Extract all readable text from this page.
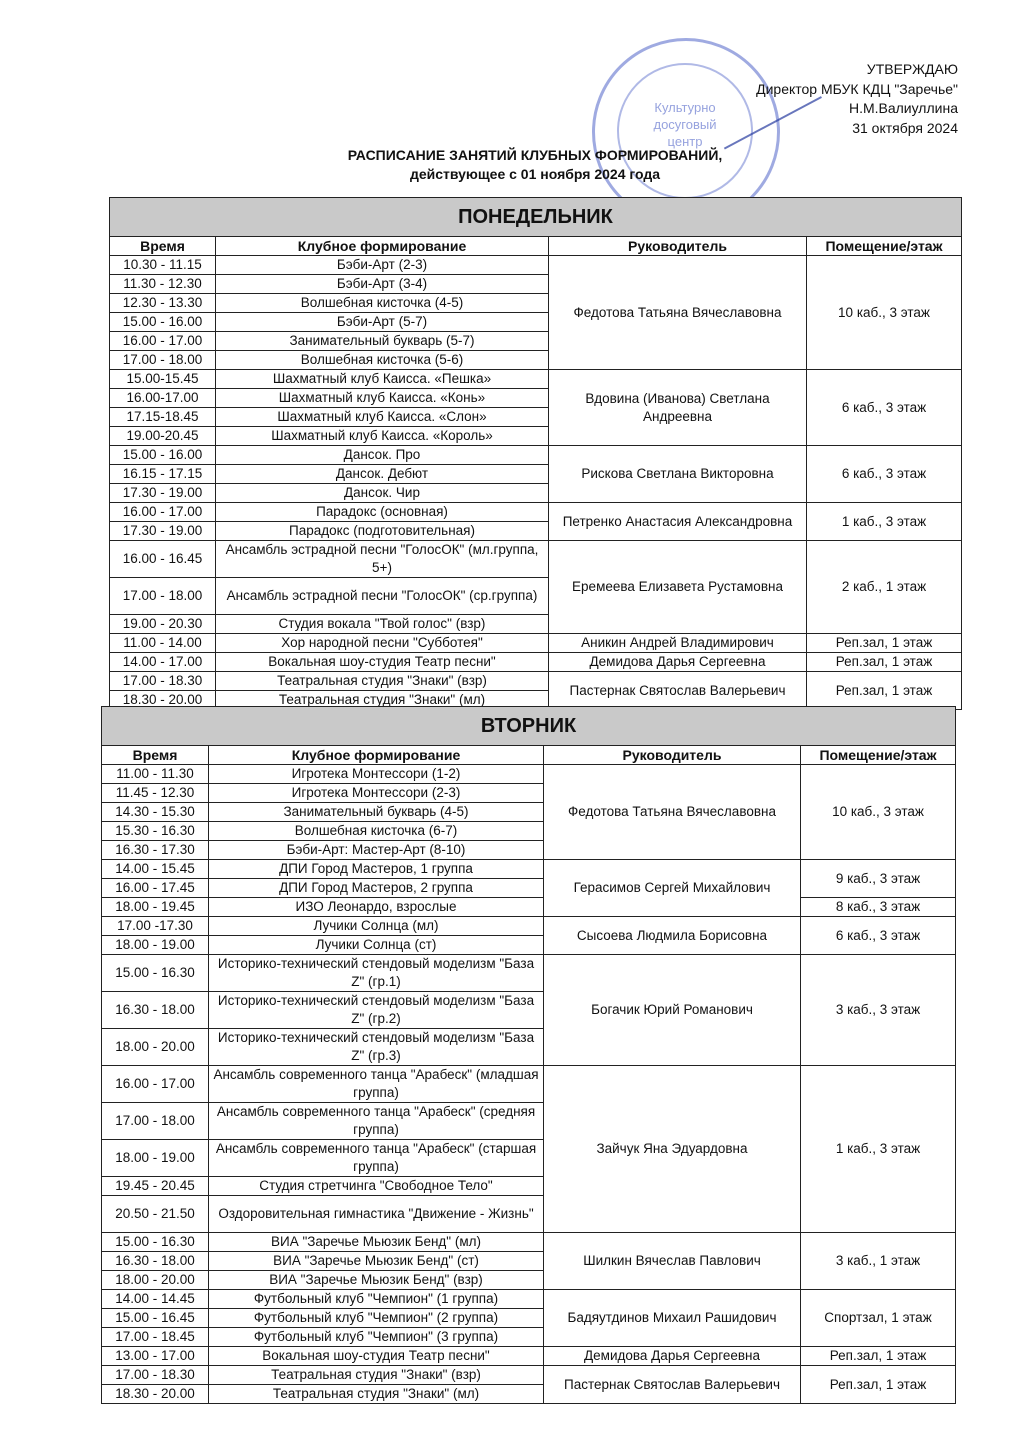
Культурно досуговый центр
УТВЕРЖДАЮ
Директор МБУК КДЦ "Заречье"
Н.М.Валиуллина
31 октября 2024
РАСПИСАНИЕ ЗАНЯТИЙ КЛУБНЫХ ФОРМИРОВАНИЙ,
действующее с 01 ноября 2024 года
ПОНЕДЕЛЬНИК			
Время	Клубное формирование	Руководитель	Помещение/этаж
10.30 - 11.15	Бэби-Арт (2-3)	Федотова Татьяна Вячеславовна	10 каб., 3 этаж
11.30 - 12.30	Бэби-Арт (3-4)		
12.30 - 13.30	Волшебная кисточка (4-5)		
15.00 - 16.00	Бэби-Арт (5-7)		
16.00 - 17.00	Занимательный букварь (5-7)		
17.00 - 18.00	Волшебная кисточка (5-6)		
15.00-15.45	Шахматный клуб Каисса. «Пешка»	Вдовина (Иванова) Светлана Андреевна	6 каб., 3 этаж
16.00-17.00	Шахматный клуб Каисса. «Конь»		
17.15-18.45	Шахматный клуб Каисса. «Слон»		
19.00-20.45	Шахматный клуб Каисса. «Король»		
15.00 - 16.00	Дансок. Про	Рискова Светлана Викторовна	6 каб., 3 этаж
16.15 - 17.15	Дансок. Дебют		
17.30 - 19.00	Дансок. Чир		
16.00 - 17.00	Парадокс (основная)	Петренко Анастасия Александровна	1 каб., 3 этаж
17.30 - 19.00	Парадокс (подготовительная)		
16.00 - 16.45	Ансамбль эстрадной песни "ГолосОК" (мл.группа, 5+)	Еремеева Елизавета Рустамовна	2 каб., 1 этаж
17.00 - 18.00	Ансамбль эстрадной песни "ГолосОК" (ср.группа)		
19.00 - 20.30	Студия вокала "Твой голос" (взр)		
11.00 - 14.00	Хор народной песни "Субботея"	Аникин Андрей Владимирович	Реп.зал, 1 этаж
14.00 - 17.00	Вокальная шоу-студия Театр песни"	Демидова Дарья Сергеевна	Реп.зал, 1 этаж
17.00 - 18.30	Театральная студия "Знаки" (взр)	Пастернак Святослав Валерьевич	Реп.зал, 1 этаж
18.30 - 20.00	Театральная студия "Знаки" (мл)		
ВТОРНИК			
Время	Клубное формирование	Руководитель	Помещение/этаж
11.00 - 11.30	Игротека Монтессори (1-2)	Федотова Татьяна Вячеславовна	10 каб., 3 этаж
11.45 - 12.30	Игротека Монтессори (2-3)		
14.30 - 15.30	Занимательный букварь (4-5)		
15.30 - 16.30	Волшебная кисточка (6-7)		
16.30 - 17.30	Бэби-Арт: Мастер-Арт (8-10)		
14.00 - 15.45	ДПИ Город Мастеров, 1 группа	Герасимов Сергей Михайлович	9 каб., 3 этаж
16.00 - 17.45	ДПИ Город Мастеров, 2 группа		
18.00 - 19.45	ИЗО Леонардо, взрослые		8 каб., 3 этаж
17.00 -17.30	Лучики Солнца (мл)	Сысоева Людмила Борисовна	6 каб., 3 этаж
18.00 - 19.00	Лучики Солнца (ст)		
15.00 - 16.30	Историко-технический стендовый моделизм "База Z" (гр.1)	Богачик Юрий Романович	3 каб., 3 этаж
16.30 - 18.00	Историко-технический стендовый моделизм "База Z" (гр.2)		
18.00 - 20.00	Историко-технический стендовый моделизм "База Z" (гр.3)		
16.00 - 17.00	Ансамбль современного танца "Арабеск" (младшая группа)	Зайчук Яна Эдуардовна	1 каб., 3 этаж
17.00 - 18.00	Ансамбль современного танца "Арабеск" (средняя группа)		
18.00 - 19.00	Ансамбль современного танца "Арабеск" (старшая группа)		
19.45 - 20.45	Студия стретчинга "Свободное Тело"		
20.50 - 21.50	Оздоровительная гимнастика "Движение - Жизнь"		
15.00 - 16.30	ВИА "Заречье Мьюзик Бенд" (мл)	Шилкин Вячеслав Павлович	3 каб., 1 этаж
16.30 - 18.00	ВИА "Заречье Мьюзик Бенд" (ст)		
18.00 - 20.00	ВИА "Заречье Мьюзик Бенд" (взр)		
14.00 - 14.45	Футбольный клуб "Чемпион" (1 группа)	Бадяутдинов Михаил Рашидович	Спортзал, 1 этаж
15.00 - 16.45	Футбольный клуб "Чемпион" (2 группа)		
17.00 - 18.45	Футбольный клуб "Чемпион" (3 группа)		
13.00 - 17.00	Вокальная шоу-студия Театр песни"	Демидова Дарья Сергеевна	Реп.зал, 1 этаж
17.00 - 18.30	Театральная студия "Знаки" (взр)	Пастернак Святослав Валерьевич	Реп.зал, 1 этаж
18.30 - 20.00	Театральная студия "Знаки" (мл)		
